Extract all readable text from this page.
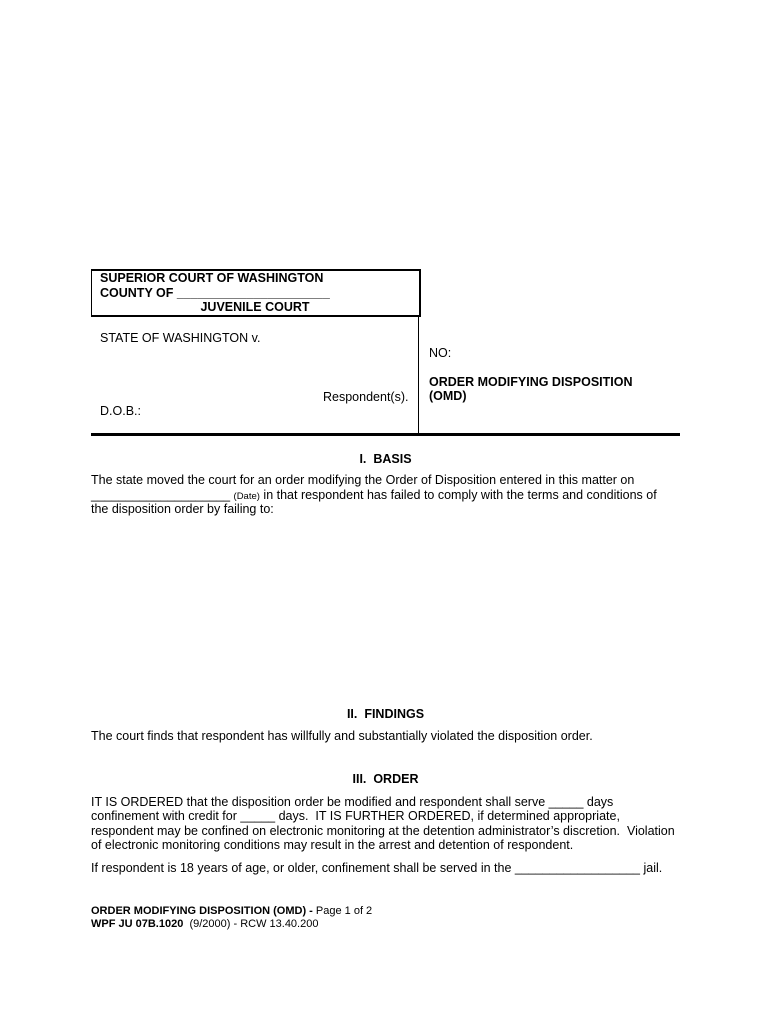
SUPERIOR COURT OF WASHINGTON
COUNTY OF ______________________
JUVENILE COURT
STATE OF WASHINGTON v.
Respondent(s).
D.O.B.:
NO:
ORDER MODIFYING DISPOSITION
(OMD)
I.  BASIS
The state moved the court for an order modifying the Order of Disposition entered in this matter on
____________________ (Date) in that respondent has failed to comply with the terms and conditions of
the disposition order by failing to:
II.  FINDINGS
The court finds that respondent has willfully and substantially violated the disposition order.
III.  ORDER
IT IS ORDERED that the disposition order be modified and respondent shall serve _____ days
confinement with credit for _____ days.  IT IS FURTHER ORDERED, if determined appropriate,
respondent may be confined on electronic monitoring at the detention administrator’s discretion.  Violation
of electronic monitoring conditions may result in the arrest and detention of respondent.
If respondent is 18 years of age, or older, confinement shall be served in the __________________ jail.
ORDER MODIFYING DISPOSITION (OMD) - Page 1 of 2
WPF JU 07B.1020 (9/2000) - RCW 13.40.200
